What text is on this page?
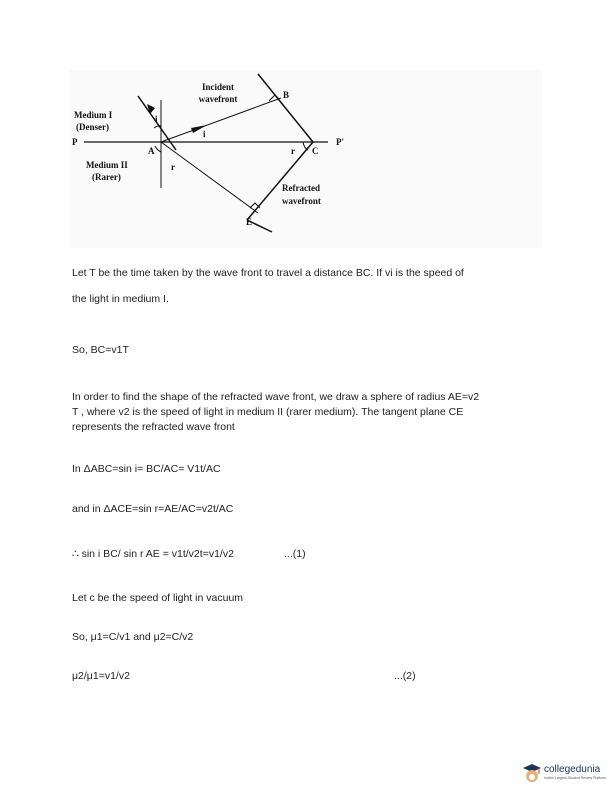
Incident
wavefront
Medium I
(Denser)
Medium II
(Rarer)
Refracted
wavefront
P	P'
A
B
C
E
i
i
r
r
Let T be the time taken by the wave front to travel a distance BC. If vi is the speed of
the light in medium I.
So, BC=v1T
In order to find the shape of the refracted wave front, we draw a sphere of radius AE=v2
T , where v2 is the speed of light in medium II (rarer medium). The tangent plane CE
represents the refracted wave front
In ΔABC=sin i= BC/AC= V1t/AC
and in ΔACE=sin r=AE/AC=v2t/AC
∴ sin i BC/ sin r AE = v1t/v2t=v1/v2	...(1)
Let c be the speed of light in vacuum
So, μ1=C/v1 and μ2=C/v2
μ2/μ1=v1/v2	...(2)
collegedunia
India's Largest Student Review Platform
